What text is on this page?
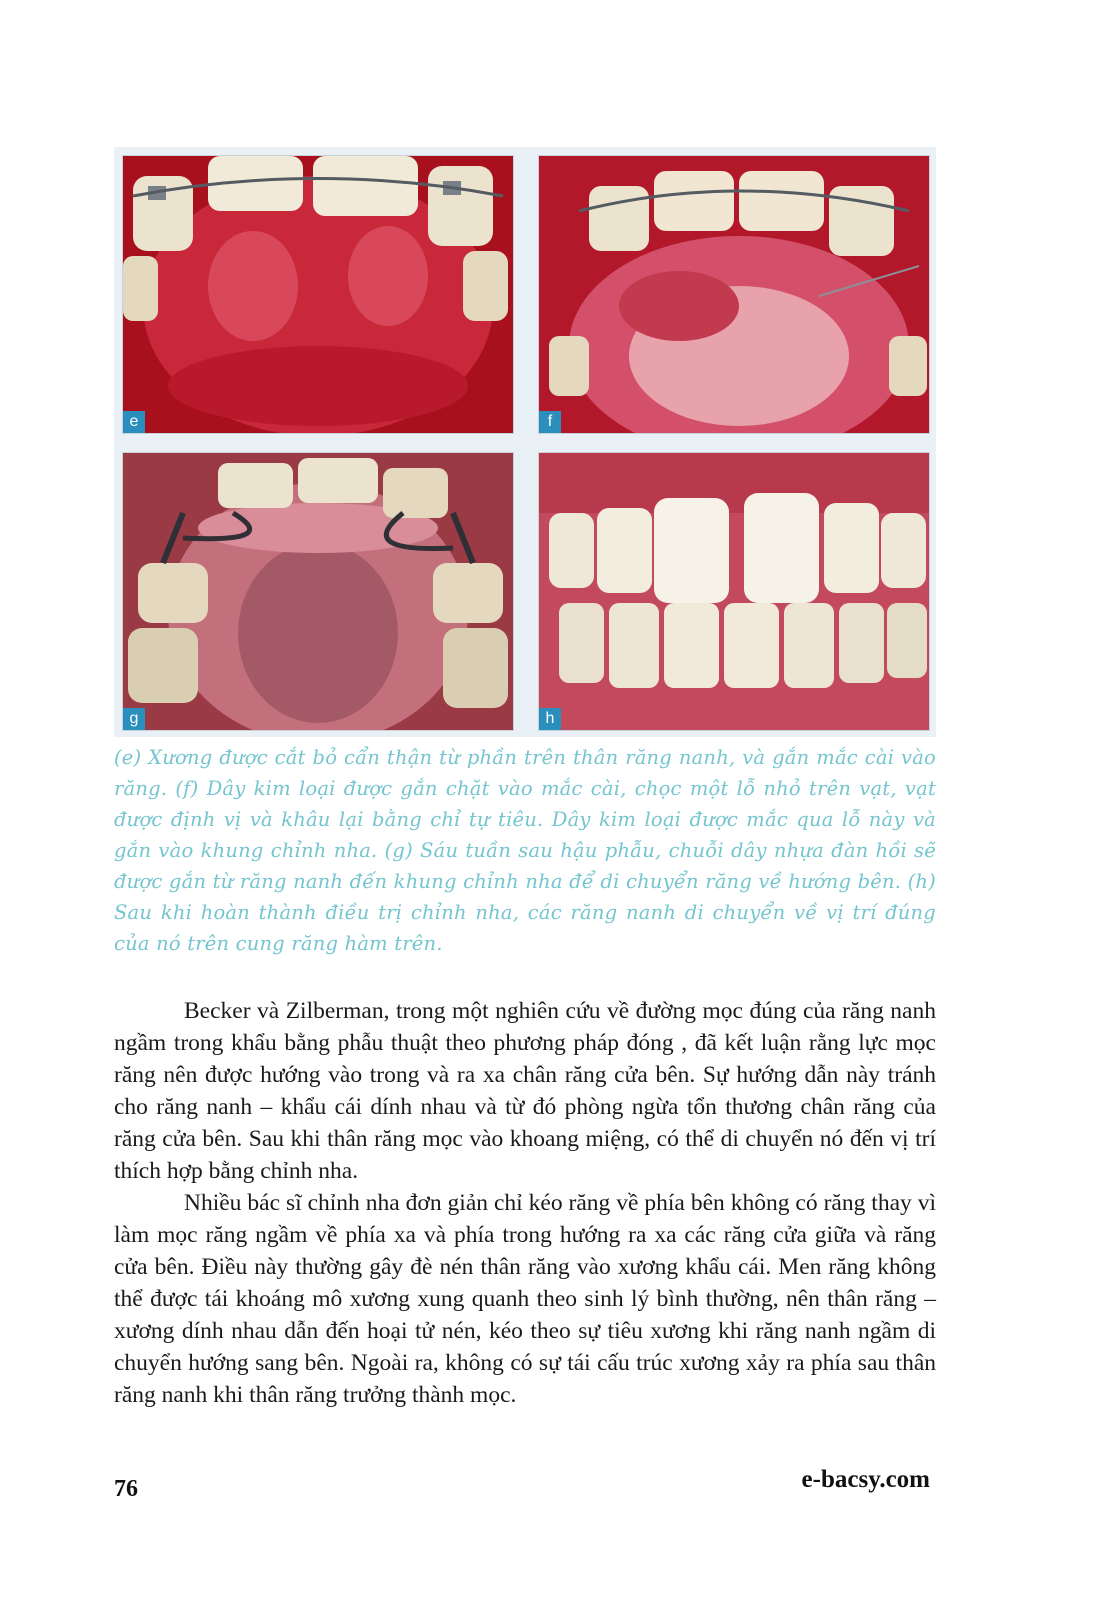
e	f
g	h

(e) Xương được cắt bỏ cẩn thận từ phần trên thân răng nanh, và gắn mắc cài vào răng. (f) Dây kim loại được gắn chặt vào mắc cài, chọc một lỗ nhỏ trên vạt, vạt được định vị và khâu lại bằng chỉ tự tiêu. Dây kim loại được mắc qua lỗ này và gắn vào khung chỉnh nha. (g) Sáu tuần sau hậu phẫu, chuỗi dây nhựa đàn hồi sẽ được gắn từ răng nanh đến khung chỉnh nha để di chuyển răng về hướng bên. (h) Sau khi hoàn thành điều trị chỉnh nha, các răng nanh di chuyển về vị trí đúng của nó trên cung răng hàm trên.

Becker và Zilberman, trong một nghiên cứu về đường mọc đúng của răng nanh ngầm trong khẩu bằng phẫu thuật theo phương pháp đóng , đã kết luận rằng lực mọc răng nên được hướng vào trong và ra xa chân răng cửa bên. Sự hướng dẫn này tránh cho răng nanh – khẩu cái dính nhau và từ đó phòng ngừa tổn thương chân răng của răng cửa bên. Sau khi thân răng mọc vào khoang miệng, có thể di chuyển nó đến vị trí thích hợp bằng chỉnh nha.

Nhiều bác sĩ chỉnh nha đơn giản chỉ kéo răng về phía bên không có răng thay vì làm mọc răng ngầm về phía xa và phía trong hướng ra xa các răng cửa giữa và răng cửa bên. Điều này thường gây đè nén thân răng vào xương khẩu cái. Men răng không thể được tái khoáng mô xương xung quanh theo sinh lý bình thường, nên thân răng – xương dính nhau dẫn đến hoại tử nén, kéo theo sự tiêu xương khi răng nanh ngầm di chuyển hướng sang bên. Ngoài ra, không có sự tái cấu trúc xương xảy ra phía sau thân răng nanh khi thân răng trưởng thành mọc.

76	e-bacsy.com
